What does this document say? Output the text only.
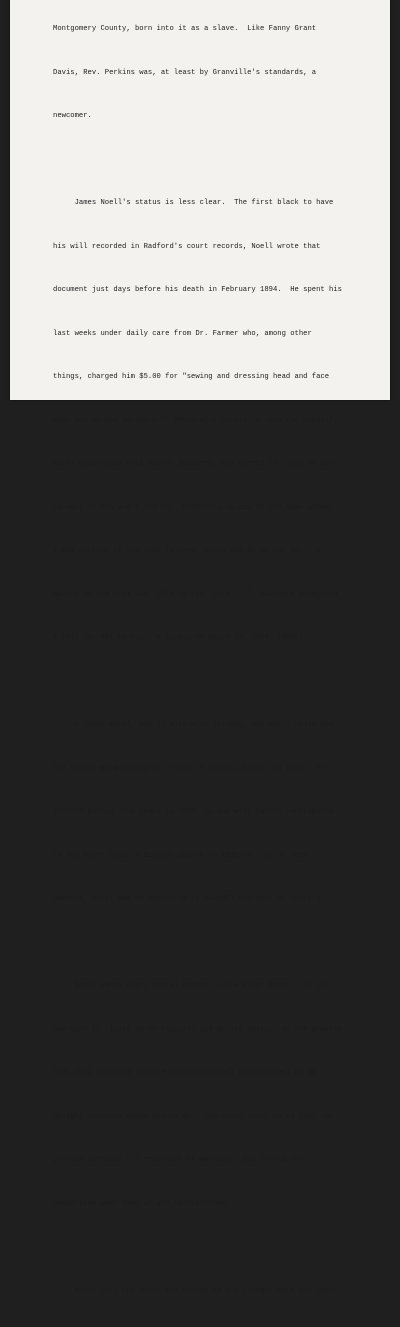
Montgomery County, born into it as a slave.  Like Fanny Grant

Davis, Rev. Perkins was, at least by Granville's standards, a

newcomer.

James Noell's status is less clear.  The first black to have

his will recorded in Radford's court records, Noell wrote that

document just days before his death in February 1894.  He spent his

last weeks under daily care from Dr. Farmer who, among other

things, charged him $5.00 for "sewing and dressing head and face

when cut by Bob Saunders."  Physically unable to care for himself,

Noell contracted with Warner Saunders, who agreed to "stop my work

to wait on him and I did so.  Promising to pay me the same amount

I was getting at the pipe factory, which was $1.00 per day.  I

waited on him from Jan. 28th to Feb. 18th...."  Saunders submitted

a bill for $21 to Noell's estate on March 12, 1894. [NOTE]

A James Noell, age 27 with wife Tillday, one small child and

two sister-aged teenagers, lived in Pulaski County in 1870.  He

started buying land there in 1884; he and wife Pattie contributed

to New River Depot's Baptist church in 1889-90.  As of 1894,

however, Noell was an unmarried (widowed?) resident of Radford.

Noell owned eight rental houses in New River Depot.  He left

one each to Lizzie Bolds (Bowls?) and Hallie Taylor, on the proviso

that they remained "single and conduct[ed] [themselves] as an

upright virtuous woman should do." The court later ruled that the

proviso operated "in restraint of marriage" and turned the

properties over free of any restrictions.

Noell left the other six houses to his illegitimate son Eddie
